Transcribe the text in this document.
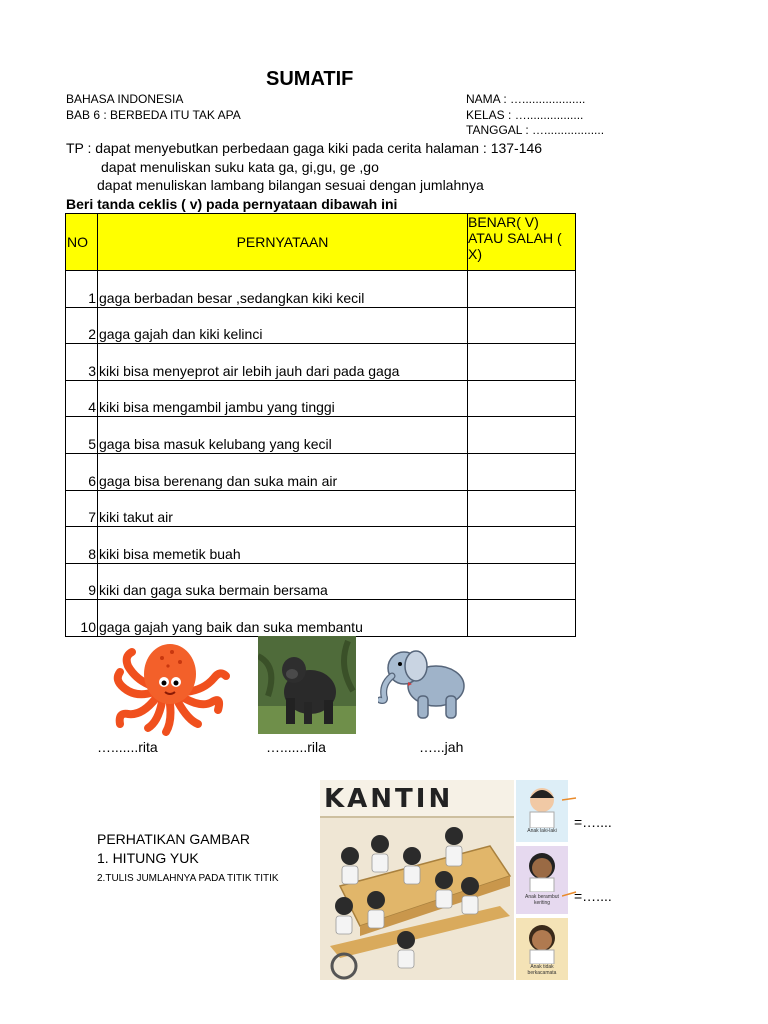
SUMATIF
BAHASA INDONESIA
BAB 6 : BERBEDA ITU TAK APA
NAMA : …...................
KELAS : ….................
TANGGAL : …..................
TP : dapat menyebutkan perbedaan gaga kiki pada cerita halaman : 137-146
dapat menuliskan suku kata ga, gi,gu, ge ,go
dapat menuliskan lambang bilangan sesuai dengan jumlahnya
Beri tanda ceklis ( v) pada pernyataan dibawah ini
NO	PERNYATAAN	BENAR( V) ATAU SALAH ( X)
1	gaga berbadan besar ,sedangkan kiki kecil	
2	gaga gajah dan kiki kelinci	
3	kiki bisa menyeprot air lebih jauh dari pada gaga	
4	kiki bisa mengambil jambu yang tinggi	
5	gaga bisa masuk kelubang yang kecil	
6	gaga bisa berenang dan suka main air	
7	kiki takut air	
8	kiki bisa memetik buah	
9	kiki dan gaga suka bermain bersama	
10	gaga gajah yang baik dan suka membantu	
….......rita	….......rila	…...jah
PERHATIKAN GAMBAR
1. HITUNG YUK
2.TULIS JUMLAHNYA PADA TITIK TITIK
KANTIN
Anak laki-laki
Anak berambut keriting
Anak tidak berkacamata
=…....
=…....
